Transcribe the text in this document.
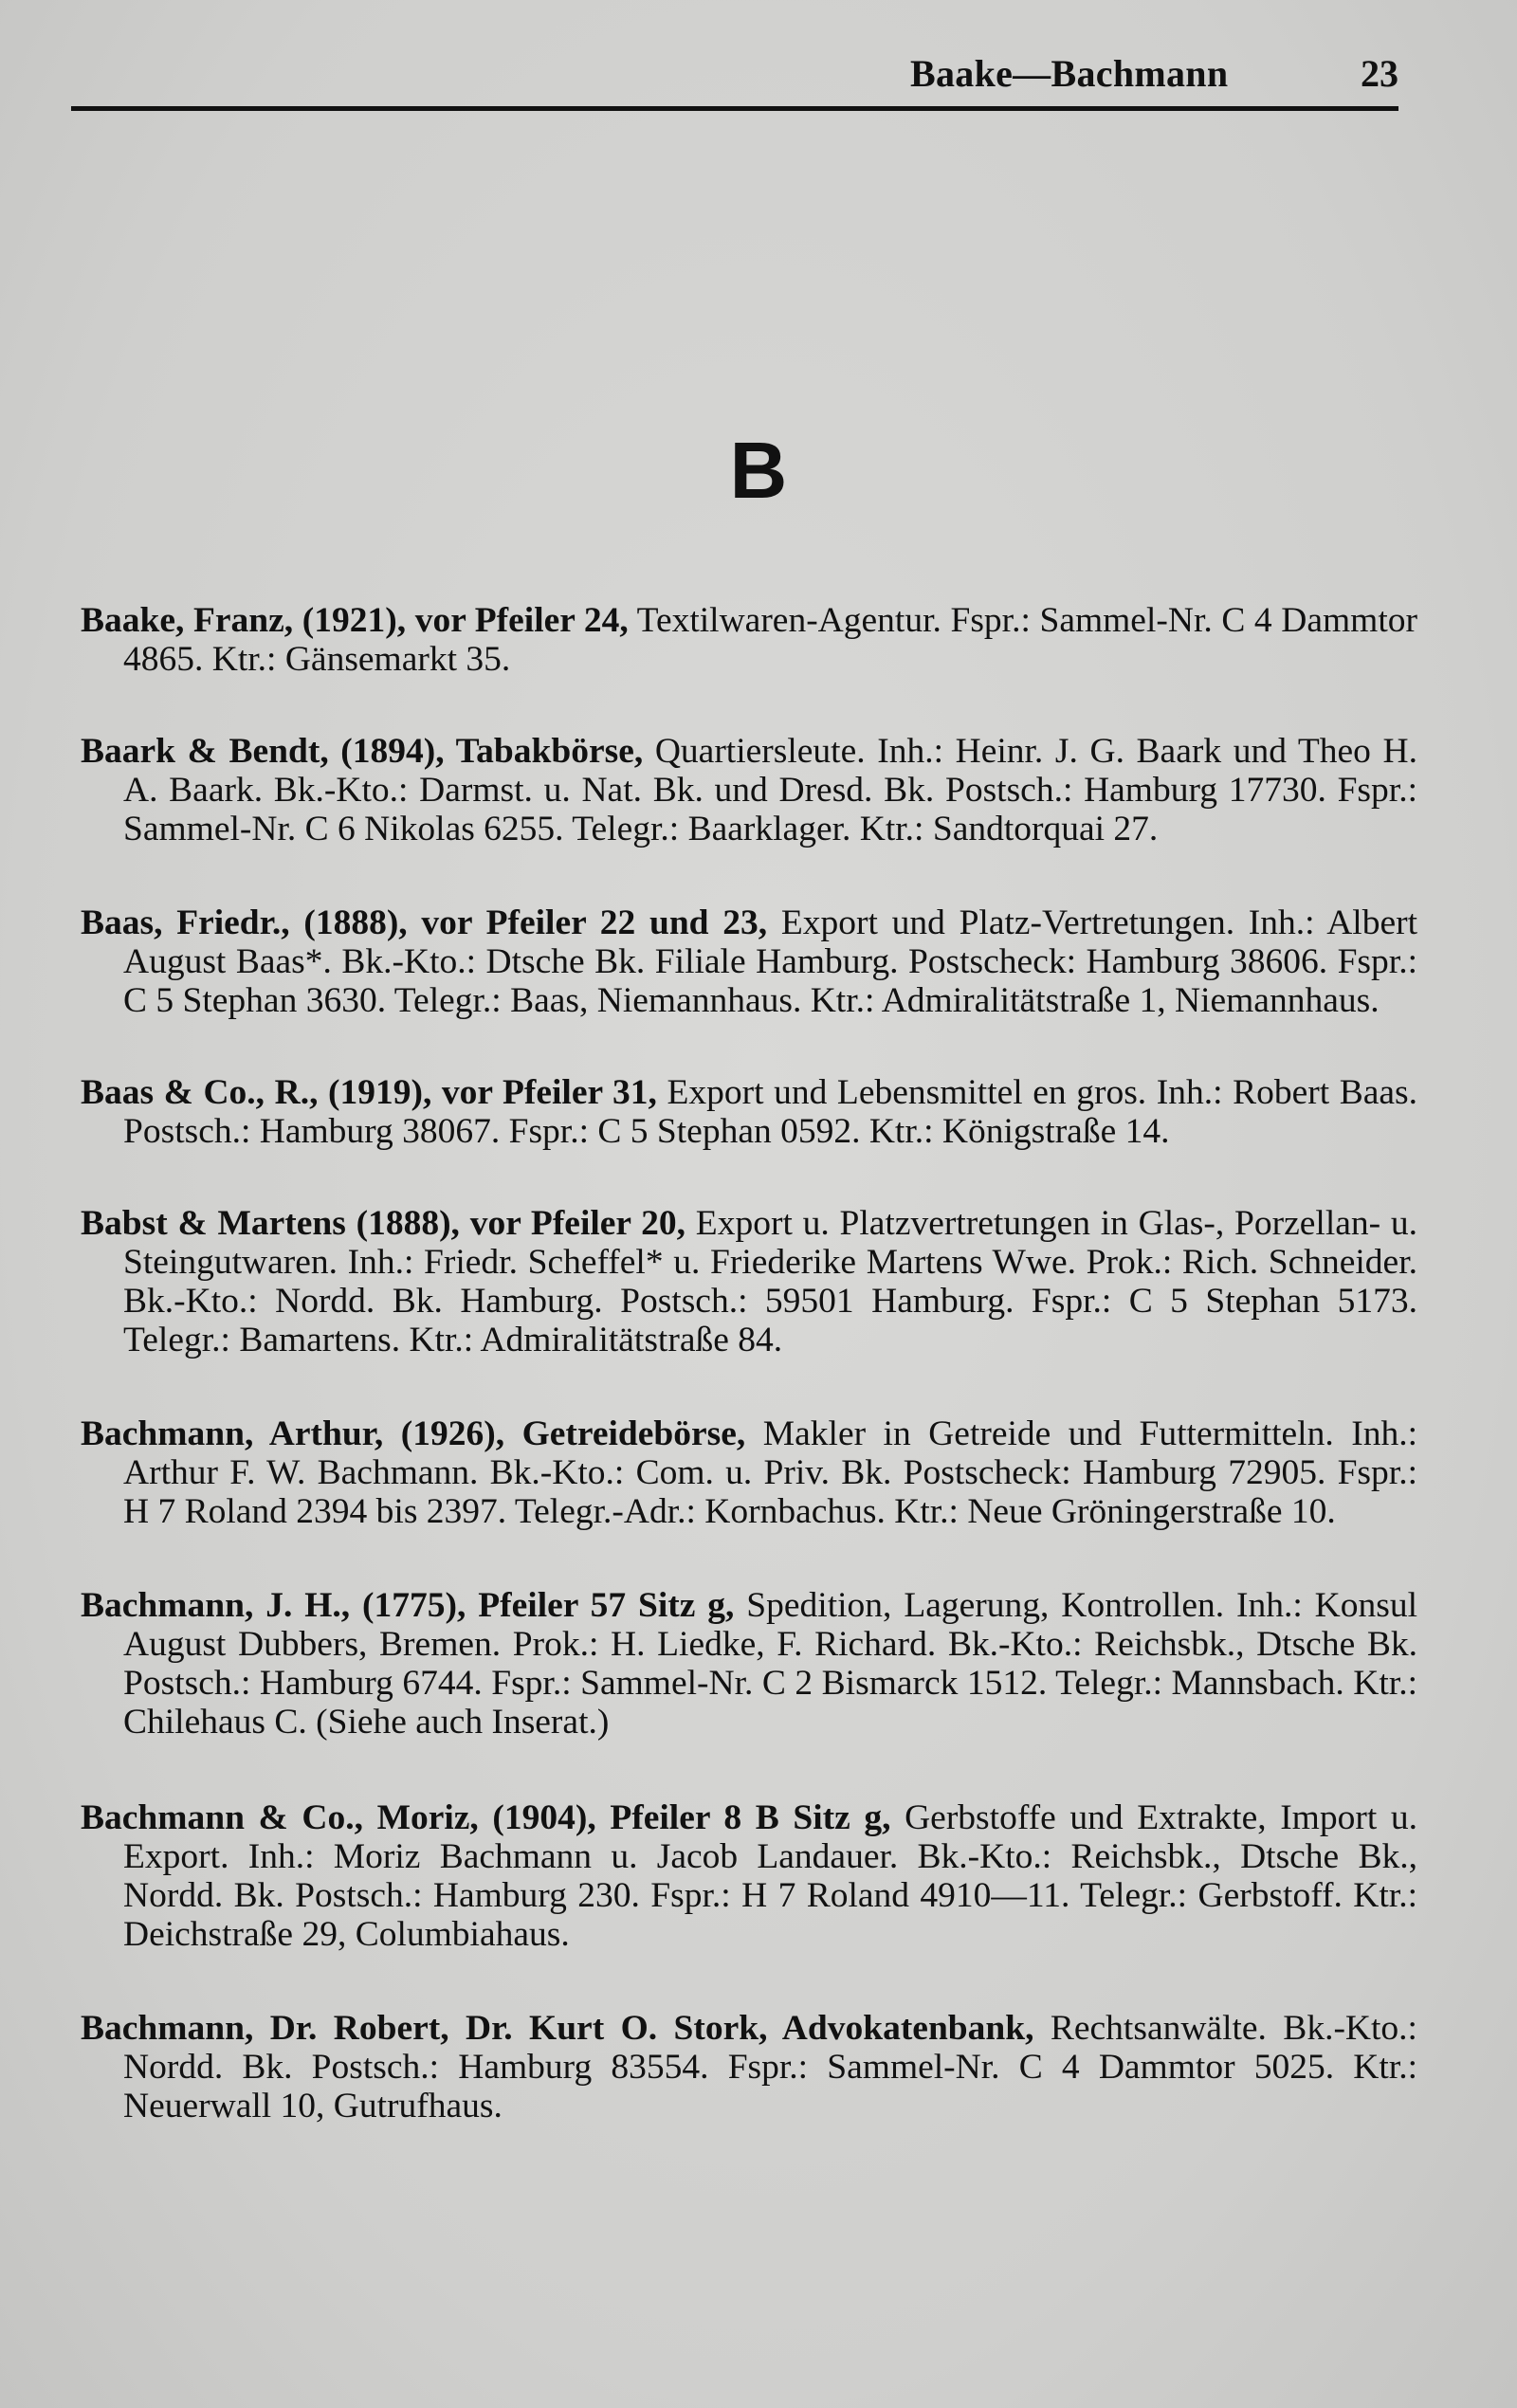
Baake—Bachmann	23
B

Baake, Franz, (1921), vor Pfeiler 24, Textilwaren-Agentur. Fspr.: Sammel-Nr. C 4 Dammtor 4865. Ktr.: Gänsemarkt 35.

Baark & Bendt, (1894), Tabakbörse, Quartiersleute. Inh.: Heinr. J. G. Baark und Theo H. A. Baark. Bk.-Kto.: Darmst. u. Nat. Bk. und Dresd. Bk. Postsch.: Hamburg 17730. Fspr.: Sammel-Nr. C 6 Nikolas 6255. Telegr.: Baarklager. Ktr.: Sandtorquai 27.

Baas, Friedr., (1888), vor Pfeiler 22 und 23, Export und Platz-Vertretungen. Inh.: Albert August Baas*. Bk.-Kto.: Dtsche Bk. Filiale Hamburg. Postscheck: Hamburg 38606. Fspr.: C 5 Stephan 3630. Telegr.: Baas, Niemannhaus. Ktr.: Admiralitätstraße 1, Niemannhaus.

Baas & Co., R., (1919), vor Pfeiler 31, Export und Lebensmittel en gros. Inh.: Robert Baas. Postsch.: Hamburg 38067. Fspr.: C 5 Stephan 0592. Ktr.: Königstraße 14.

Babst & Martens (1888), vor Pfeiler 20, Export u. Platzvertretungen in Glas-, Porzellan- u. Steingutwaren. Inh.: Friedr. Scheffel* u. Friederike Martens Wwe. Prok.: Rich. Schneider. Bk.-Kto.: Nordd. Bk. Hamburg. Postsch.: 59501 Hamburg. Fspr.: C 5 Stephan 5173. Telegr.: Bamartens. Ktr.: Admiralitätstraße 84.

Bachmann, Arthur, (1926), Getreidebörse, Makler in Getreide und Futtermitteln. Inh.: Arthur F. W. Bachmann. Bk.-Kto.: Com. u. Priv. Bk. Postscheck: Hamburg 72905. Fspr.: H 7 Roland 2394 bis 2397. Telegr.-Adr.: Kornbachus. Ktr.: Neue Gröningerstraße 10.

Bachmann, J. H., (1775), Pfeiler 57 Sitz g, Spedition, Lagerung, Kontrollen. Inh.: Konsul August Dubbers, Bremen. Prok.: H. Liedke, F. Richard. Bk.-Kto.: Reichsbk., Dtsche Bk. Postsch.: Hamburg 6744. Fspr.: Sammel-Nr. C 2 Bismarck 1512. Telegr.: Mannsbach. Ktr.: Chilehaus C. (Siehe auch Inserat.)

Bachmann & Co., Moriz, (1904), Pfeiler 8 B Sitz g, Gerbstoffe und Extrakte, Import u. Export. Inh.: Moriz Bachmann u. Jacob Landauer. Bk.-Kto.: Reichsbk., Dtsche Bk., Nordd. Bk. Postsch.: Hamburg 230. Fspr.: H 7 Roland 4910—11. Telegr.: Gerbstoff. Ktr.: Deichstraße 29, Columbiahaus.

Bachmann, Dr. Robert, Dr. Kurt O. Stork, Advokatenbank, Rechtsanwälte. Bk.-Kto.: Nordd. Bk. Postsch.: Hamburg 83554. Fspr.: Sammel-Nr. C 4 Dammtor 5025. Ktr.: Neuerwall 10, Gutrufhaus.
